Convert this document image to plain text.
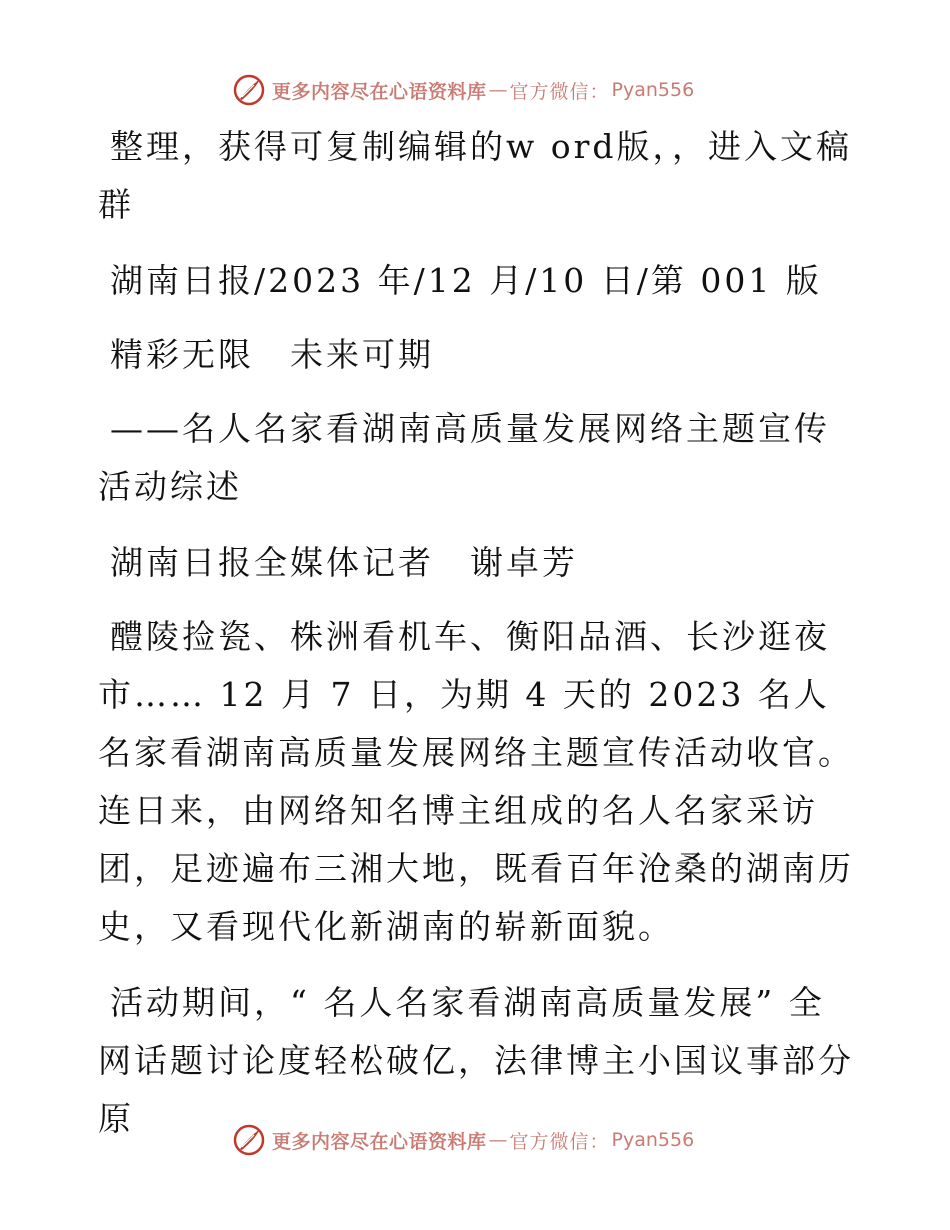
更多内容尽在心语资料库 — 官方微信： Pyan556

整理，获得可复制编辑的w ord版，，进入文稿群

湖南日报/2023 年/12 月/10 日/第 001 版

精彩无限　未来可期

——名人名家看湖南高质量发展网络主题宣传活动综述

湖南日报全媒体记者　谢卓芳

醴陵捡瓷、株洲看机车、衡阳品酒、长沙逛夜市…… 12 月 7 日，为期 4 天的 2023 名人名家看湖南高质量发展网络主题宣传活动收官。连日来，由网络知名博主组成的名人名家采访团，足迹遍布三湘大地，既看百年沧桑的湖南历史，又看现代化新湖南的崭新面貌。

活动期间，“ 名人名家看湖南高质量发展” 全网话题讨论度轻松破亿，法律博主小国议事部分原

更多内容尽在心语资料库 — 官方微信： Pyan556
